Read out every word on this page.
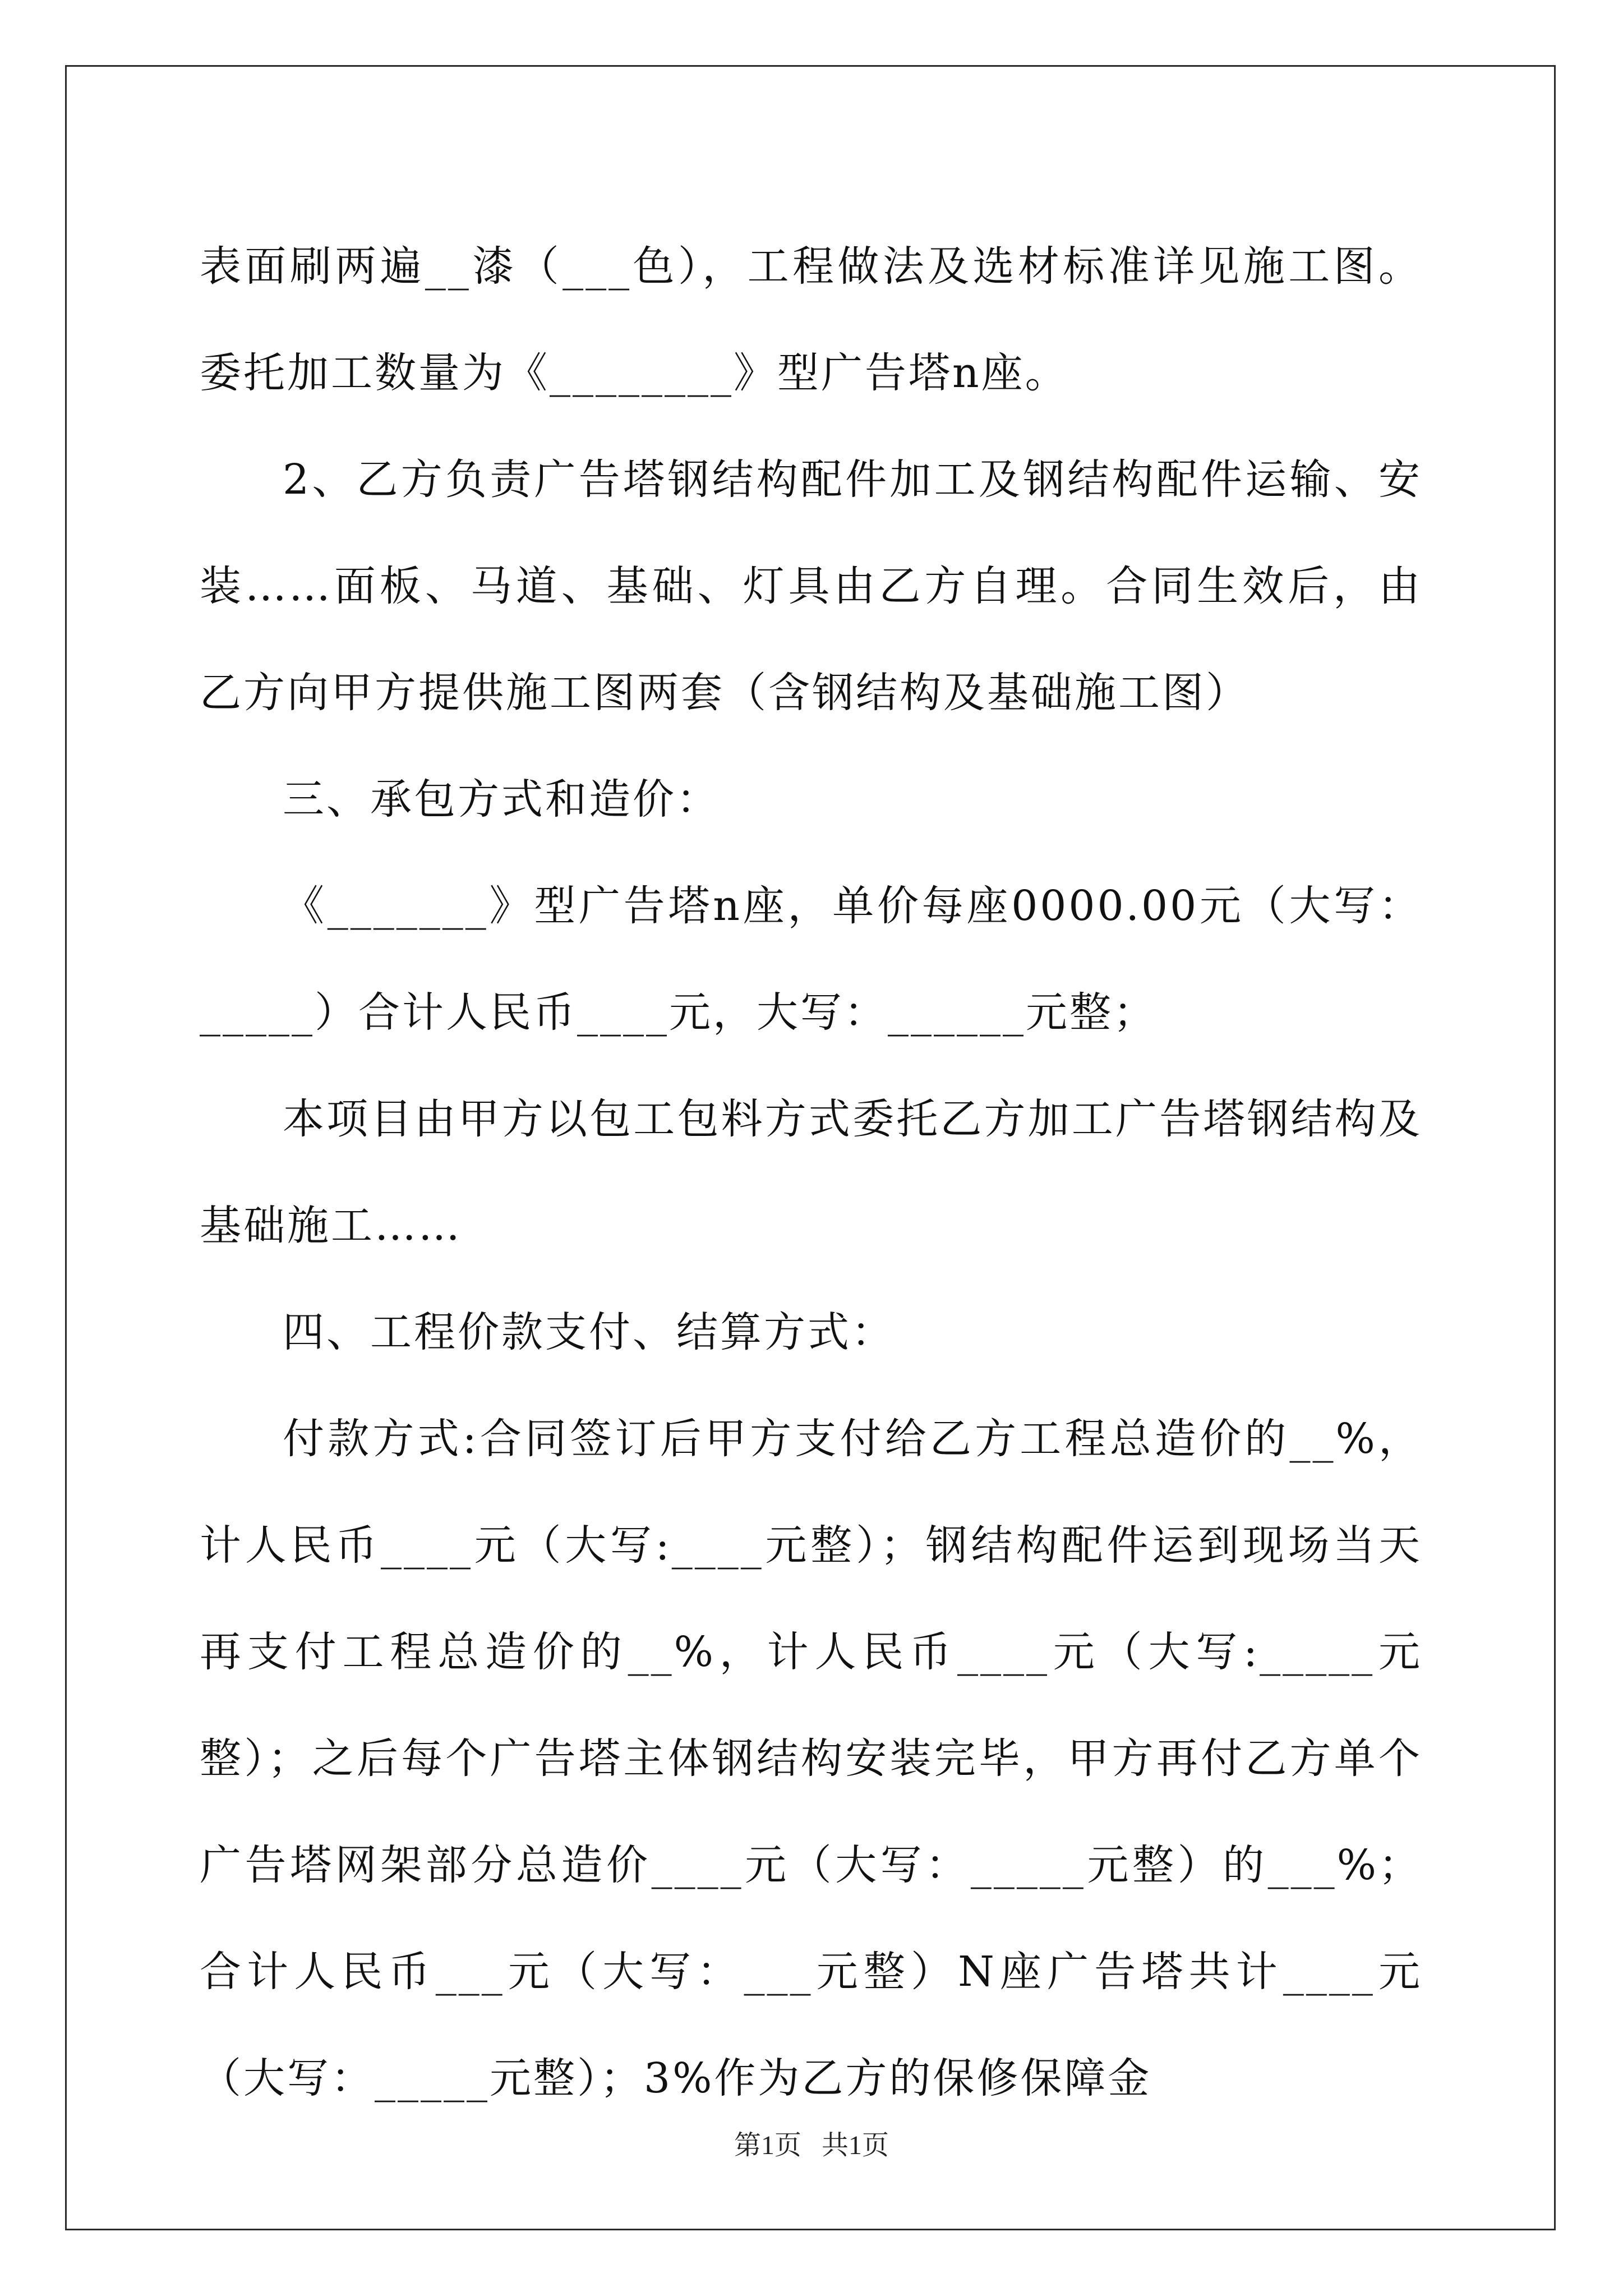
表面刷两遍__漆（___色），工程做法及选材标准详见施工图。委托加工数量为《________》型广告塔n座。

2、乙方负责广告塔钢结构配件加工及钢结构配件运输、安装……面板、马道、基础、灯具由乙方自理。合同生效后，由乙方向甲方提供施工图两套（含钢结构及基础施工图）

三、承包方式和造价：

《_______》型广告塔n座，单价每座0000.00元（大写：_____）合计人民币____元，大写：______元整；

本项目由甲方以包工包料方式委托乙方加工广告塔钢结构及基础施工……

四、工程价款支付、结算方式：

付款方式:合同签订后甲方支付给乙方工程总造价的__%，计人民币____元（大写:____元整）；钢结构配件运到现场当天再支付工程总造价的__%，计人民币____元（大写:_____元整）；之后每个广告塔主体钢结构安装完毕，甲方再付乙方单个广告塔网架部分总造价____元（大写：_____元整）的___%；合计人民币___元（大写：___元整）N座广告塔共计____元（大写：_____元整）；3%作为乙方的保修保障金

第1页   共1页
